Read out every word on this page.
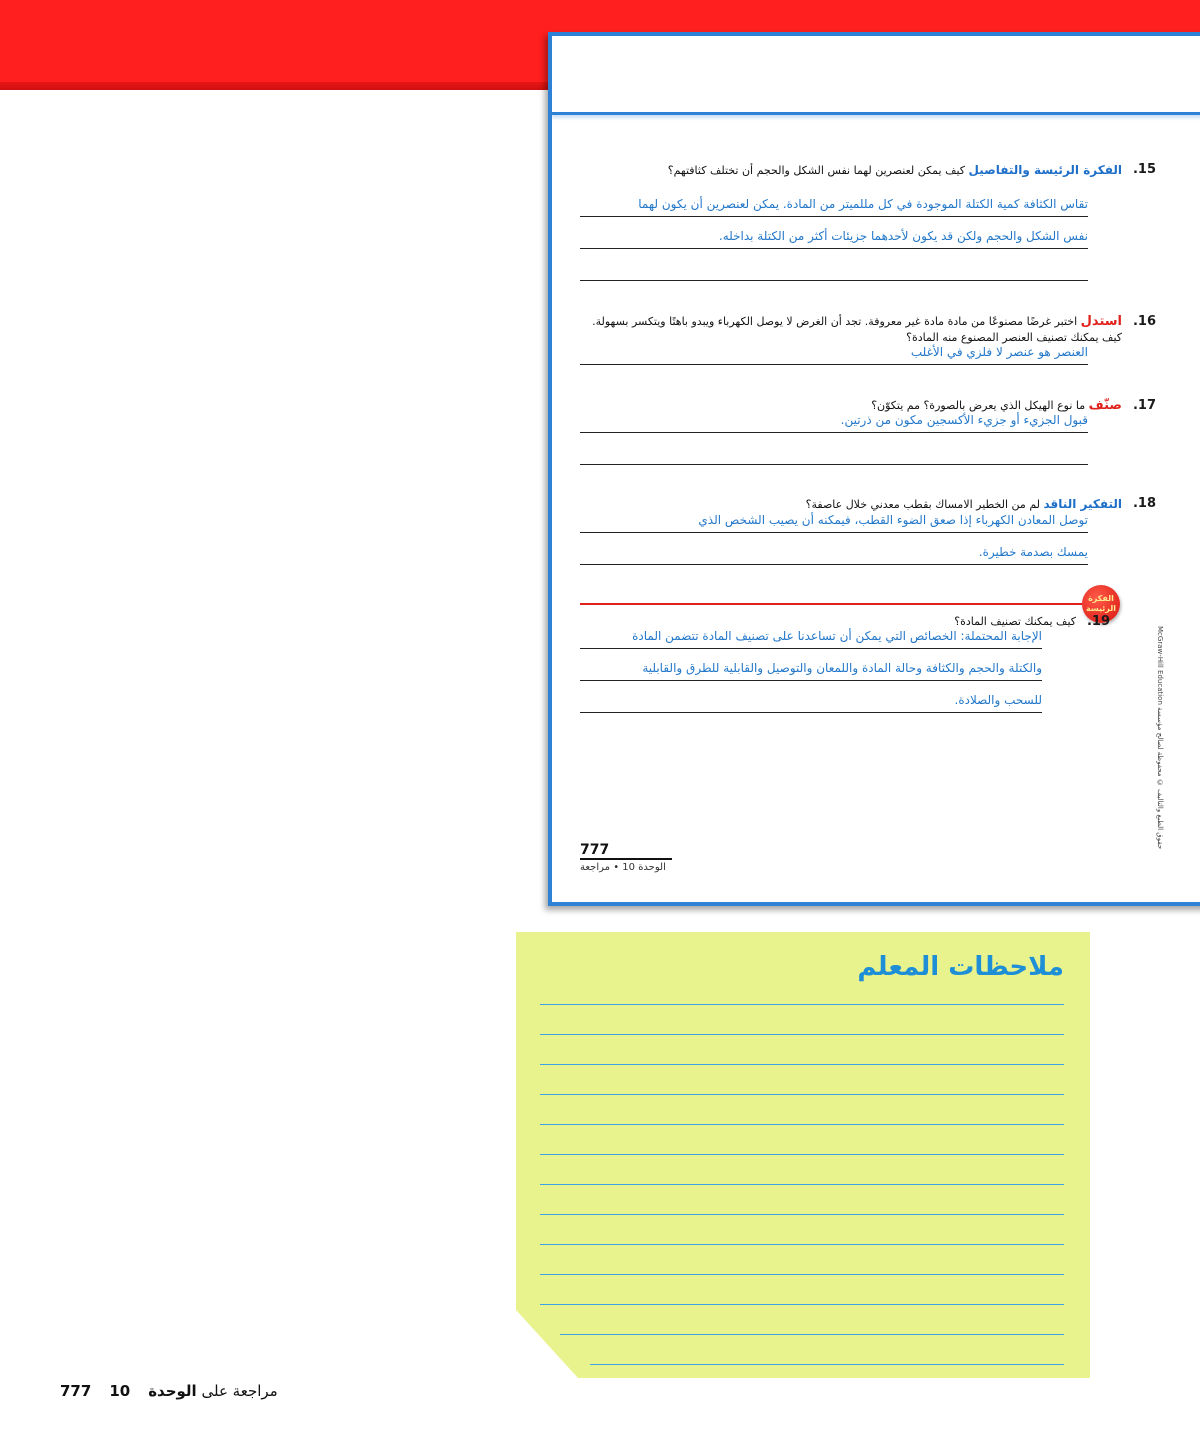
.15
الفكرة الرئيسة والتفاصيل كيف يمكن لعنصرين لهما نفس الشكل والحجم أن تختلف كثافتهم؟
تقاس الكثافة كمية الكتلة الموجودة في كل مللميتر من المادة. يمكن لعنصرين أن يكون لهما
نفس الشكل والحجم ولكن قد يكون لأحدهما جزيئات أكثر من الكتلة بداخله.
.16
استدل اختبر غرضًا مصنوعًا من مادة مادة غير معروفة. تجد أن الغرض لا يوصل الكهرباء ويبدو باهتًا ويتكسر بسهولة. كيف يمكنك تصنيف العنصر المصنوع منه المادة؟
العنصر هو عنصر لا فلزي في الأغلب
.17
صنّف ما نوع الهيكل الذي يعرض بالصورة؟ مم يتكوّن؟
قبول الجزيء أو جزيء الأكسجين مكون من ذرتين.
.18
التفكير الناقد لم من الخطير الامساك بقطب معدني خلال عاصفة؟
توصل المعادن الكهرباء إذا صعق الضوء القطب، فيمكنه أن يصيب الشخص الذي
يمسك بصدمة خطيرة.
الفكرة الرئيسة
.19
كيف يمكنك تصنيف المادة؟
الإجابة المحتملة: الخصائص التي يمكن أن تساعدنا على تصنيف المادة تتضمن المادة
والكتلة والحجم والكثافة وحالة المادة واللمعان والتوصيل والقابلية للطرق والقابلية
للسحب والصلادة.	McGraw-Hill Education حقوق الطبع والتأليف © محفوظة لصالح مؤسسة
777
الوحدة 10 • مراجعة
ملاحظات المعلم
777 10	مراجعة على الوحدة
